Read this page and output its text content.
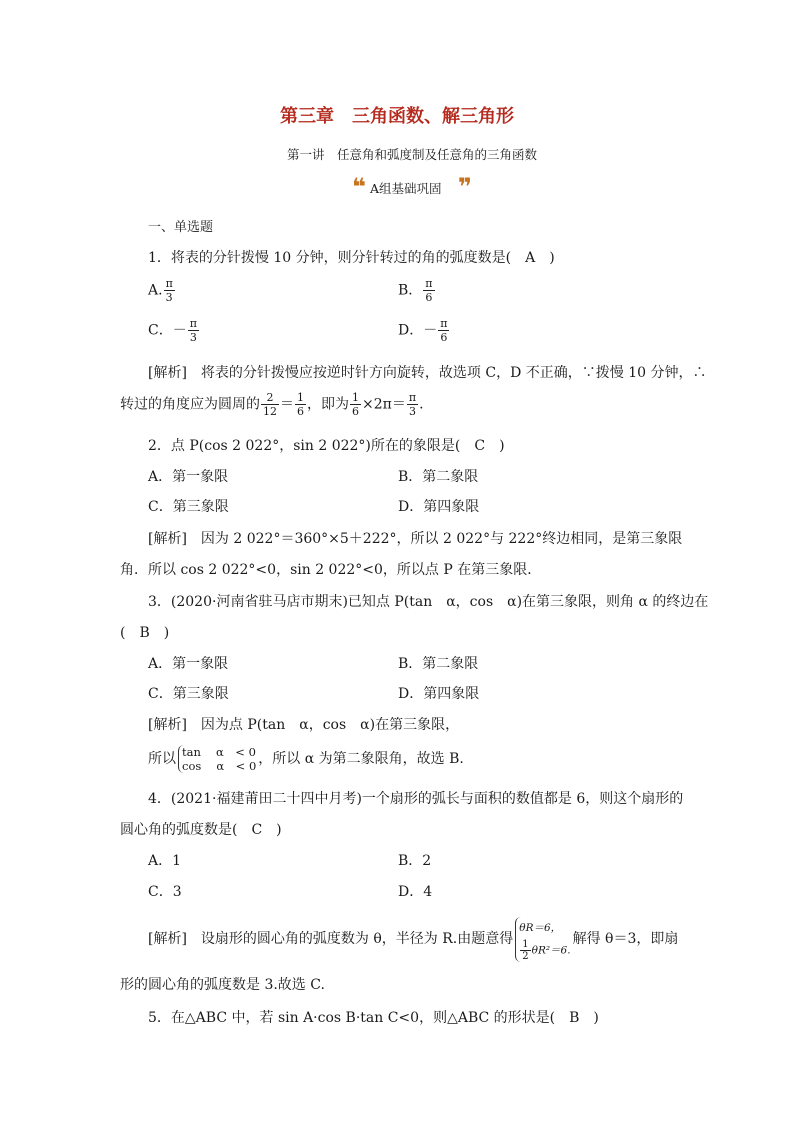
第三章　三角函数、解三角形
第一讲　任意角和弧度制及任意角的三角函数
❝ A组基础巩固 ❞
一、单选题
1．将表的分针拨慢 10 分钟，则分针转过的角的弧度数是(　A　)
A. $\frac{\pi}{3}$	B． $\frac{\pi}{6}$
C．－ $\frac{\pi}{3}$	D．－ $\frac{\pi}{6}$
[解析]　将表的分针拨慢应按逆时针方向旋转，故选项 C，D 不正确，∵拨慢 10 分钟，∴
转过的角度应为圆周的 $\frac{2}{12} = \frac{1}{6}$ ，即为 $\frac{1}{6} \times 2\pi= \frac{\pi}{3}$ .
2．点 P(cos 2 022°，sin 2 022°)所在的象限是(　C　)
A．第一象限	B．第二象限
C．第三象限	D．第四象限
[解析]　因为 2 022°＝360°×5＋222°，所以 2 022°与 222°终边相同，是第三象限
角．所以 cos 2 022°<0，sin 2 022°<0，所以点 P 在第三象限．
3．(2020·河南省驻马店市期末)已知点 P(tan　α，cos　α)在第三象限，则角 α 的终边在
(　B　)
A．第一象限	B．第二象限
C．第三象限	D．第四象限
[解析]　因为点 P(tan　α，cos　α)在第三象限，
所以 tan　 α　< 0
cos　 α　< 0 ，所以 α 为第二象限角，故选 B.
4．(2021·福建莆田二十四中月考)一个扇形的弧长与面积的数值都是 6，则这个扇形的
圆心角的弧度数是(　C　)
A．1	B．2
C．3	D．4
[解析]　设扇形的圆心角的弧度数为 θ，半径为 R.由题意得
θR＝6，
$\frac{1}{2} \theta R^2=6$.
解得 θ＝3，即扇
形的圆心角的弧度数是 3.故选 C.
5．在△ABC 中，若 sin A·cos B·tan C<0，则△ABC 的形状是(　B　)
